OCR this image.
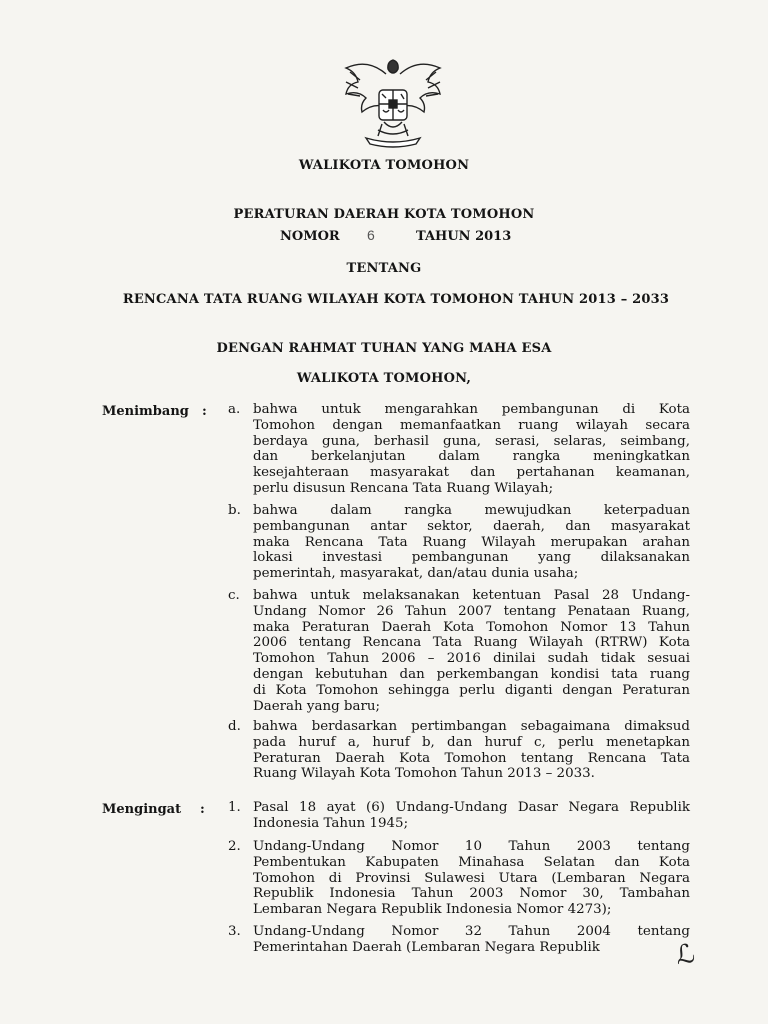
WALIKOTA TOMOHON
PERATURAN DAERAH KOTA TOMOHON
NOMOR 6	TAHUN 2013
TENTANG
RENCANA TATA RUANG WILAYAH KOTA TOMOHON TAHUN 2013 – 2033
DENGAN RAHMAT TUHAN YANG MAHA ESA
WALIKOTA TOMOHON,
Menimbang : a. bahwa untuk mengarahkan pembangunan di Kota
Tomohon dengan memanfaatkan ruang wilayah secara
berdaya guna, berhasil guna, serasi, selaras, seimbang,
dan berkelanjutan dalam rangka meningkatkan
kesejahteraan masyarakat dan pertahanan keamanan,
perlu disusun Rencana Tata Ruang Wilayah;
b. bahwa dalam rangka mewujudkan keterpaduan
pembangunan antar sektor, daerah, dan masyarakat
maka Rencana Tata Ruang Wilayah merupakan arahan
lokasi investasi pembangunan yang dilaksanakan
pemerintah, masyarakat, dan/atau dunia usaha;
c. bahwa untuk melaksanakan ketentuan Pasal 28 Undang-
Undang Nomor 26 Tahun 2007 tentang Penataan Ruang,
maka Peraturan Daerah Kota Tomohon Nomor 13 Tahun
2006 tentang Rencana Tata Ruang Wilayah (RTRW) Kota
Tomohon Tahun 2006 – 2016 dinilai sudah tidak sesuai
dengan kebutuhan dan perkembangan kondisi tata ruang
di Kota Tomohon sehingga perlu diganti dengan Peraturan
Daerah yang baru;
d. bahwa berdasarkan pertimbangan sebagaimana dimaksud
pada huruf a, huruf b, dan huruf c, perlu menetapkan
Peraturan Daerah Kota Tomohon tentang Rencana Tata
Ruang Wilayah Kota Tomohon Tahun 2013 – 2033.
Mengingat : 1. Pasal 18 ayat (6) Undang-Undang Dasar Negara Republik
Indonesia Tahun 1945;
2. Undang-Undang Nomor 10 Tahun 2003 tentang
Pembentukan Kabupaten Minahasa Selatan dan Kota
Tomohon di Provinsi Sulawesi Utara (Lembaran Negara
Republik Indonesia Tahun 2003 Nomor 30, Tambahan
Lembaran Negara Republik Indonesia Nomor 4273);
3. Undang-Undang Nomor 32 Tahun 2004 tentang
Pemerintahan Daerah (Lembaran Negara Republik	ℒ
